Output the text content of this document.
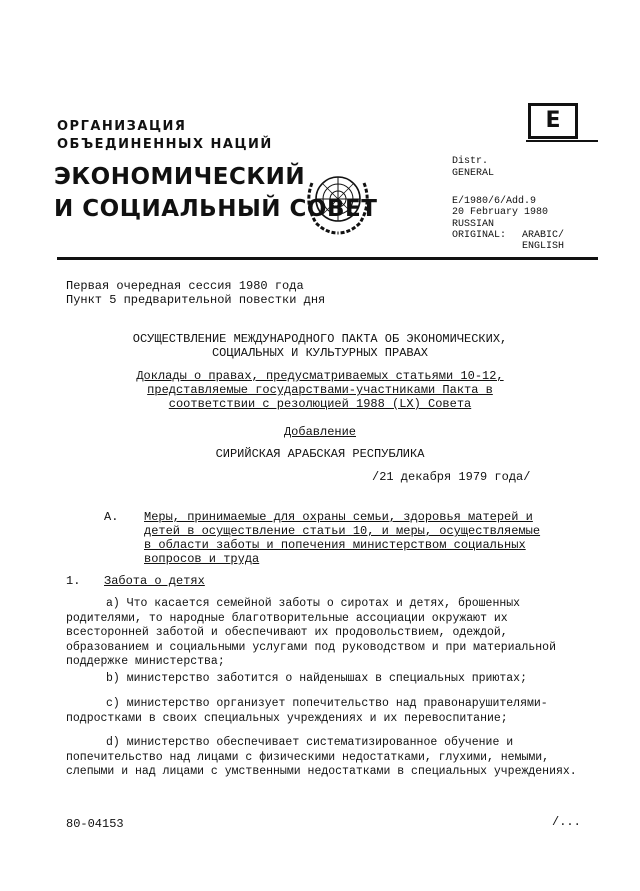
ОРГАНИЗАЦИЯ
ОБЪЕДИНЕННЫХ НАЦИЙ
ЭКОНОМИЧЕСКИЙ
И СОЦИАЛЬНЫЙ СОВЕТ
E
Distr.
GENERAL
E/1980/6/Add.9
20 February 1980
RUSSIAN
ORIGINAL: ARABIC/
ENGLISH
Первая очередная сессия 1980 года
Пункт 5 предварительной повестки дня
ОСУЩЕСТВЛЕНИЕ МЕЖДУНАРОДНОГО ПАКТА ОБ ЭКОНОМИЧЕСКИХ,
СОЦИАЛЬНЫХ И КУЛЬТУРНЫХ ПРАВАХ
Доклады о правах, предусматриваемых статьями 10-12,
представляемые государствами-участниками Пакта в
соответствии с резолюцией 1988 (LX) Совета
Добавление
СИРИЙСКАЯ АРАБСКАЯ РЕСПУБЛИКА
/21 декабря 1979 года/
A. Меры, принимаемые для охраны семьи, здоровья матерей и
детей в осуществление статьи 10, и меры, осуществляемые
в области заботы и попечения министерством социальных
вопросов и труда
1. Забота о детях
а) Что касается семейной заботы о сиротах и детях, брошенных родителями, то народные благотворительные ассоциации окружают их всесторонней заботой и обеспечивают их продовольствием, одеждой, образованием и социальными услугами под руководством и при материальной поддержке министерства;
b) министерство заботится о найденышах в специальных приютах;
c) министерство организует попечительство над правонарушителями-подростками в своих специальных учреждениях и их перевоспитание;
d) министерство обеспечивает систематизированное обучение и попечительство над лицами с физическими недостатками, глухими, немыми, слепыми и над лицами с умственными недостатками в специальных учреждениях.
80-04153	/...
